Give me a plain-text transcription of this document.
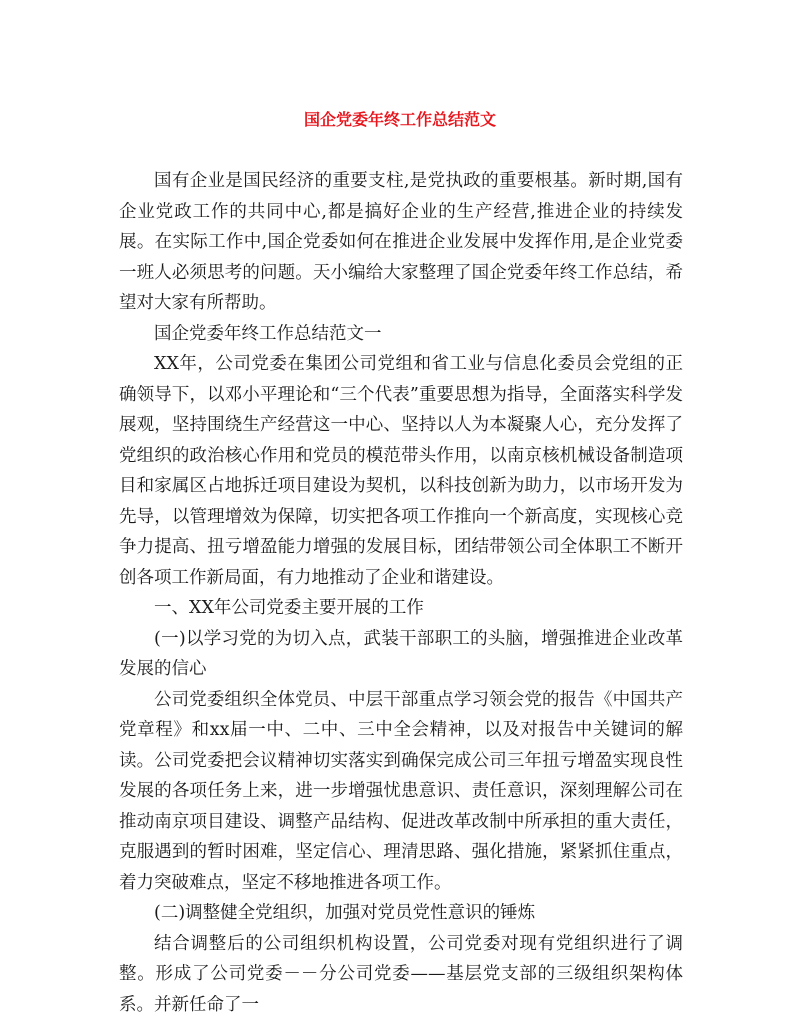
国企党委年终工作总结范文

国有企业是国民经济的重要支柱,是党执政的重要根基。新时期,国有企业党政工作的共同中心,都是搞好企业的生产经营,推进企业的持续发展。在实际工作中,国企党委如何在推进企业发展中发挥作用,是企业党委一班人必须思考的问题。天小编给大家整理了国企党委年终工作总结，希望对大家有所帮助。

国企党委年终工作总结范文一

XX年，公司党委在集团公司党组和省工业与信息化委员会党组的正确领导下，以邓小平理论和“三个代表”重要思想为指导，全面落实科学发展观，坚持围绕生产经营这一中心、坚持以人为本凝聚人心，充分发挥了党组织的政治核心作用和党员的模范带头作用，以南京核机械设备制造项目和家属区占地拆迁项目建设为契机，以科技创新为助力，以市场开发为先导，以管理增效为保障，切实把各项工作推向一个新高度，实现核心竞争力提高、扭亏增盈能力增强的发展目标，团结带领公司全体职工不断开创各项工作新局面，有力地推动了企业和谐建设。

一、XX年公司党委主要开展的工作

(一)以学习党的为切入点，武装干部职工的头脑，增强推进企业改革发展的信心

公司党委组织全体党员、中层干部重点学习领会党的报告《中国共产党章程》和xx届一中、二中、三中全会精神，以及对报告中关键词的解读。公司党委把会议精神切实落实到确保完成公司三年扭亏增盈实现良性发展的各项任务上来，进一步增强忧患意识、责任意识，深刻理解公司在推动南京项目建设、调整产品结构、促进改革改制中所承担的重大责任，克服遇到的暂时困难，坚定信心、理清思路、强化措施，紧紧抓住重点，着力突破难点，坚定不移地推进各项工作。

(二)调整健全党组织，加强对党员党性意识的锤炼

结合调整后的公司组织机构设置，公司党委对现有党组织进行了调整。形成了公司党委－－分公司党委——基层党支部的三级组织架构体系。并新任命了一
